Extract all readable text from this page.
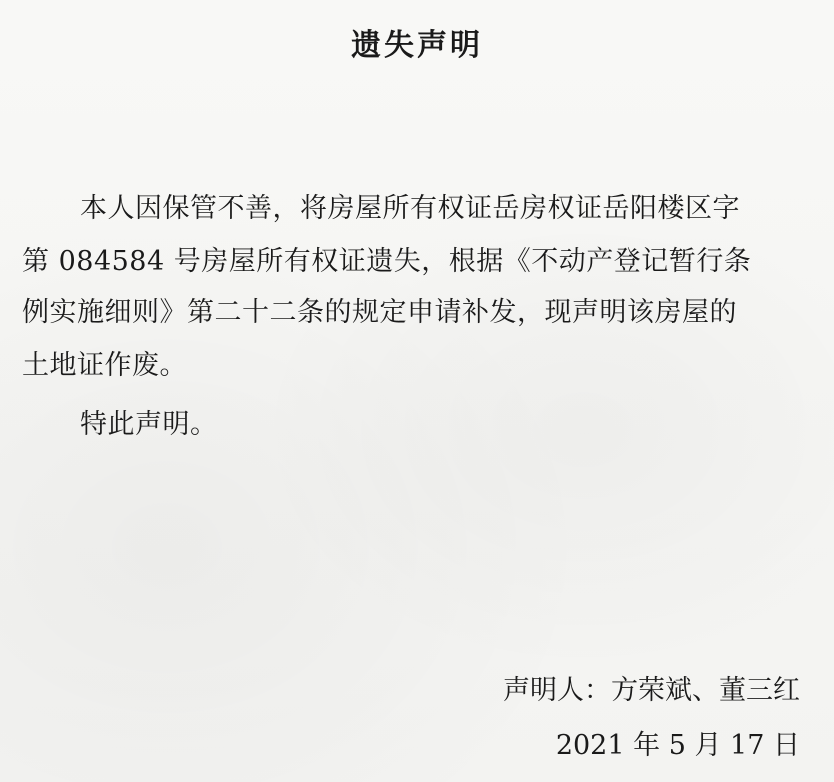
遗失声明
本人因保管不善，将房屋所有权证岳房权证岳阳楼区字
第 084584 号房屋所有权证遗失，根据《不动产登记暂行条
例实施细则》第二十二条的规定申请补发，现声明该房屋的
土地证作废。
特此声明。
声明人：方荣斌、董三红
2021 年 5 月 17 日
